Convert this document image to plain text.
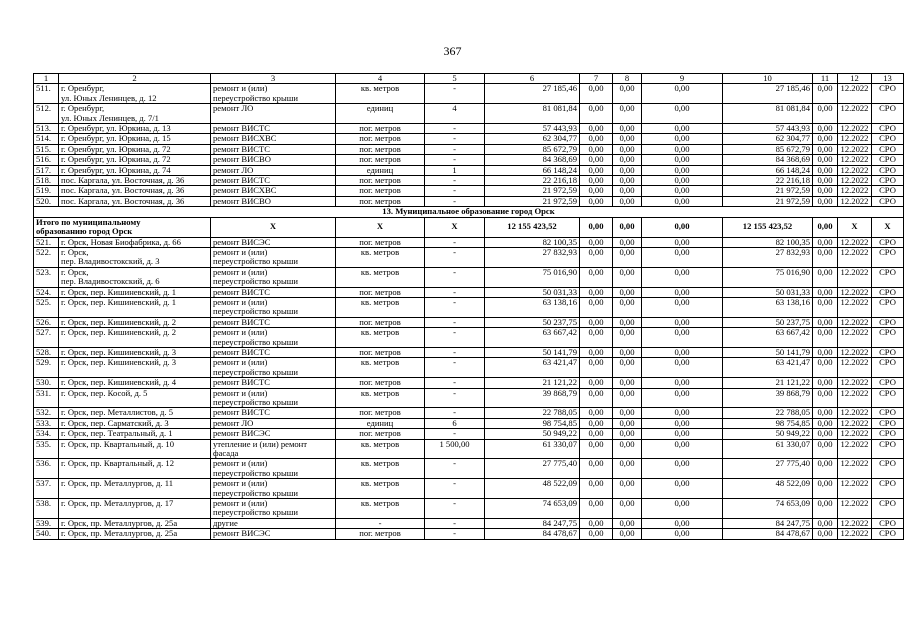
367
1	2	3	4	5	6	7	8	9	10	11	12	13
511.	г. Оренбург,
ул. Юных Ленинцев, д. 12	ремонт и (или)
переустройство крыши	кв. метров	-	27 185,46	0,00	0,00	0,00	27 185,46	0,00	12.2022	СРО
512.	г. Оренбург,
ул. Юных Ленинцев, д. 7/1	ремонт ЛО	единиц	4	81 081,84	0,00	0,00	0,00	81 081,84	0,00	12.2022	СРО
513.	г. Оренбург, ул. Юркина, д. 13	ремонт ВИСТС	пог. метров	-	57 443,93	0,00	0,00	0,00	57 443,93	0,00	12.2022	СРО
514.	г. Оренбург, ул. Юркина, д. 15	ремонт ВИСХВС	пог. метров	-	62 304,77	0,00	0,00	0,00	62 304,77	0,00	12.2022	СРО
515.	г. Оренбург, ул. Юркина, д. 72	ремонт ВИСТС	пог. метров	-	85 672,79	0,00	0,00	0,00	85 672,79	0,00	12.2022	СРО
516.	г. Оренбург, ул. Юркина, д. 72	ремонт ВИСВО	пог. метров	-	84 368,69	0,00	0,00	0,00	84 368,69	0,00	12.2022	СРО
517.	г. Оренбург, ул. Юркина, д. 74	ремонт ЛО	единиц	1	66 148,24	0,00	0,00	0,00	66 148,24	0,00	12.2022	СРО
518.	пос. Каргала, ул. Восточная, д. 36	ремонт ВИСТС	пог. метров	-	22 216,18	0,00	0,00	0,00	22 216,18	0,00	12.2022	СРО
519.	пос. Каргала, ул. Восточная, д. 36	ремонт ВИСХВС	пог. метров	-	21 972,59	0,00	0,00	0,00	21 972,59	0,00	12.2022	СРО
520.	пос. Каргала, ул. Восточная, д. 36	ремонт ВИСВО	пог. метров	-	21 972,59	0,00	0,00	0,00	21 972,59	0,00	12.2022	СРО
13. Муниципальное образование город Орск												
Итого по муниципальному
образованию город Орск		X	X	X	12 155 423,52	0,00	0,00	0,00	12 155 423,52	0,00	X	X
521.	г. Орск, Новая Биофабрика, д. 66	ремонт ВИСЭС	пог. метров	-	82 100,35	0,00	0,00	0,00	82 100,35	0,00	12.2022	СРО
522.	г. Орск,
пер. Владивостокский, д. 3	ремонт и (или)
переустройство крыши	кв. метров	-	27 832,93	0,00	0,00	0,00	27 832,93	0,00	12.2022	СРО
523.	г. Орск,
пер. Владивостокский, д. 6	ремонт и (или)
переустройство крыши	кв. метров	-	75 016,90	0,00	0,00	0,00	75 016,90	0,00	12.2022	СРО
524.	г. Орск, пер. Кишиневский, д. 1	ремонт ВИСТС	пог. метров	-	50 031,33	0,00	0,00	0,00	50 031,33	0,00	12.2022	СРО
525.	г. Орск, пер. Кишиневский, д. 1	ремонт и (или)
переустройство крыши	кв. метров	-	63 138,16	0,00	0,00	0,00	63 138,16	0,00	12.2022	СРО
526.	г. Орск, пер. Кишиневский, д. 2	ремонт ВИСТС	пог. метров	-	50 237,75	0,00	0,00	0,00	50 237,75	0,00	12.2022	СРО
527.	г. Орск, пер. Кишиневский, д. 2	ремонт и (или)
переустройство крыши	кв. метров	-	63 667,42	0,00	0,00	0,00	63 667,42	0,00	12.2022	СРО
528.	г. Орск, пер. Кишиневский, д. 3	ремонт ВИСТС	пог. метров	-	50 141,79	0,00	0,00	0,00	50 141,79	0,00	12.2022	СРО
529.	г. Орск, пер. Кишиневский, д. 3	ремонт и (или)
переустройство крыши	кв. метров	-	63 421,47	0,00	0,00	0,00	63 421,47	0,00	12.2022	СРО
530.	г. Орск, пер. Кишиневский, д. 4	ремонт ВИСТС	пог. метров	-	21 121,22	0,00	0,00	0,00	21 121,22	0,00	12.2022	СРО
531.	г. Орск, пер. Косой, д. 5	ремонт и (или)
переустройство крыши	кв. метров	-	39 868,79	0,00	0,00	0,00	39 868,79	0,00	12.2022	СРО
532.	г. Орск, пер. Металлистов, д. 5	ремонт ВИСТС	пог. метров	-	22 788,05	0,00	0,00	0,00	22 788,05	0,00	12.2022	СРО
533.	г. Орск, пер. Сарматский, д. 3	ремонт ЛО	единиц	6	98 754,85	0,00	0,00	0,00	98 754,85	0,00	12.2022	СРО
534.	г. Орск, пер. Театральный, д. 1	ремонт ВИСЭС	пог. метров	-	50 949,22	0,00	0,00	0,00	50 949,22	0,00	12.2022	СРО
535.	г. Орск, пр. Квартальный, д. 10	утепление и (или) ремонт
фасада	кв. метров	1 500,00	61 330,07	0,00	0,00	0,00	61 330,07	0,00	12.2022	СРО
536.	г. Орск, пр. Квартальный, д. 12	ремонт и (или)
переустройство крыши	кв. метров	-	27 775,40	0,00	0,00	0,00	27 775,40	0,00	12.2022	СРО
537.	г. Орск, пр. Металлургов, д. 11	ремонт и (или)
переустройство крыши	кв. метров	-	48 522,09	0,00	0,00	0,00	48 522,09	0,00	12.2022	СРО
538.	г. Орск, пр. Металлургов, д. 17	ремонт и (или)
переустройство крыши	кв. метров	-	74 653,09	0,00	0,00	0,00	74 653,09	0,00	12.2022	СРО
539.	г. Орск, пр. Металлургов, д. 25а	другие	-	-	84 247,75	0,00	0,00	0,00	84 247,75	0,00	12.2022	СРО
540.	г. Орск, пр. Металлургов, д. 25а	ремонт ВИСЭС	пог. метров	-	84 478,67	0,00	0,00	0,00	84 478,67	0,00	12.2022	СРО
